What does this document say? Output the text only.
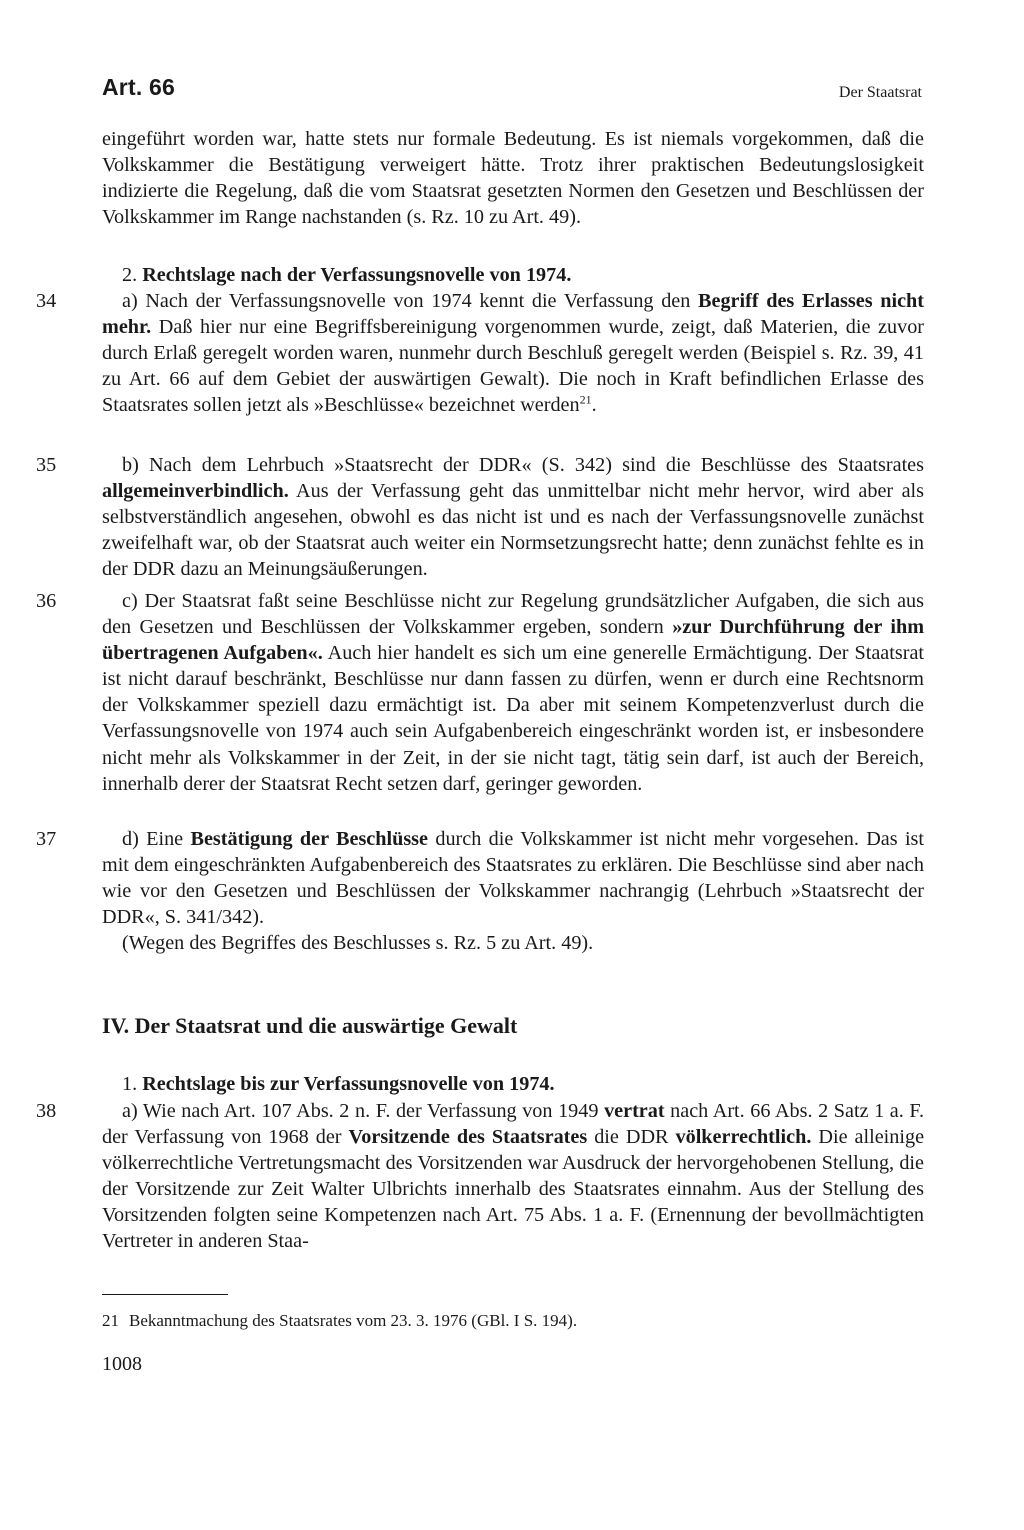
Art. 66	Der Staatsrat

eingeführt worden war, hatte stets nur formale Bedeutung. Es ist niemals vorgekommen, daß die Volkskammer die Bestätigung verweigert hätte. Trotz ihrer praktischen Bedeutungslosigkeit indizierte die Regelung, daß die vom Staatsrat gesetzten Normen den Gesetzen und Beschlüssen der Volkskammer im Range nachstanden (s. Rz. 10 zu Art. 49).

2. Rechtslage nach der Verfassungsnovelle von 1974.

34	a) Nach der Verfassungsnovelle von 1974 kennt die Verfassung den Begriff des Erlasses nicht mehr. Daß hier nur eine Begriffsbereinigung vorgenommen wurde, zeigt, daß Materien, die zuvor durch Erlaß geregelt worden waren, nunmehr durch Beschluß geregelt werden (Beispiel s. Rz. 39, 41 zu Art. 66 auf dem Gebiet der auswärtigen Gewalt). Die noch in Kraft befindlichen Erlasse des Staatsrates sollen jetzt als »Beschlüsse« bezeichnet werden$^{21}$.

35	b) Nach dem Lehrbuch »Staatsrecht der DDR« (S. 342) sind die Beschlüsse des Staatsrates allgemeinverbindlich. Aus der Verfassung geht das unmittelbar nicht mehr hervor, wird aber als selbstverständlich angesehen, obwohl es das nicht ist und es nach der Verfassungsnovelle zunächst zweifelhaft war, ob der Staatsrat auch weiter ein Normsetzungsrecht hatte; denn zunächst fehlte es in der DDR dazu an Meinungsäußerungen.

36	c) Der Staatsrat faßt seine Beschlüsse nicht zur Regelung grundsätzlicher Aufgaben, die sich aus den Gesetzen und Beschlüssen der Volkskammer ergeben, sondern »zur Durchführung der ihm übertragenen Aufgaben«. Auch hier handelt es sich um eine generelle Ermächtigung. Der Staatsrat ist nicht darauf beschränkt, Beschlüsse nur dann fassen zu dürfen, wenn er durch eine Rechtsnorm der Volkskammer speziell dazu ermächtigt ist. Da aber mit seinem Kompetenzverlust durch die Verfassungsnovelle von 1974 auch sein Aufgabenbereich eingeschränkt worden ist, er insbesondere nicht mehr als Volkskammer in der Zeit, in der sie nicht tagt, tätig sein darf, ist auch der Bereich, innerhalb derer der Staatsrat Recht setzen darf, geringer geworden.

37	d) Eine Bestätigung der Beschlüsse durch die Volkskammer ist nicht mehr vorgesehen. Das ist mit dem eingeschränkten Aufgabenbereich des Staatsrates zu erklären. Die Beschlüsse sind aber nach wie vor den Gesetzen und Beschlüssen der Volkskammer nachrangig (Lehrbuch »Staatsrecht der DDR«, S. 341/342).

(Wegen des Begriffes des Beschlusses s. Rz. 5 zu Art. 49).

IV. Der Staatsrat und die auswärtige Gewalt

1. Rechtslage bis zur Verfassungsnovelle von 1974.

38	a) Wie nach Art. 107 Abs. 2 n. F. der Verfassung von 1949 vertrat nach Art. 66 Abs. 2 Satz 1 a. F. der Verfassung von 1968 der Vorsitzende des Staatsrates die DDR völkerrechtlich. Die alleinige völkerrechtliche Vertretungsmacht des Vorsitzenden war Ausdruck der hervorgehobenen Stellung, die der Vorsitzende zur Zeit Walter Ulbrichts innerhalb des Staatsrates einnahm. Aus der Stellung des Vorsitzenden folgten seine Kompetenzen nach Art. 75 Abs. 1 a. F. (Ernennung der bevollmächtigten Vertreter in anderen Staa-

21 Bekanntmachung des Staatsrates vom 23. 3. 1976 (GBl. I S. 194).
1008
